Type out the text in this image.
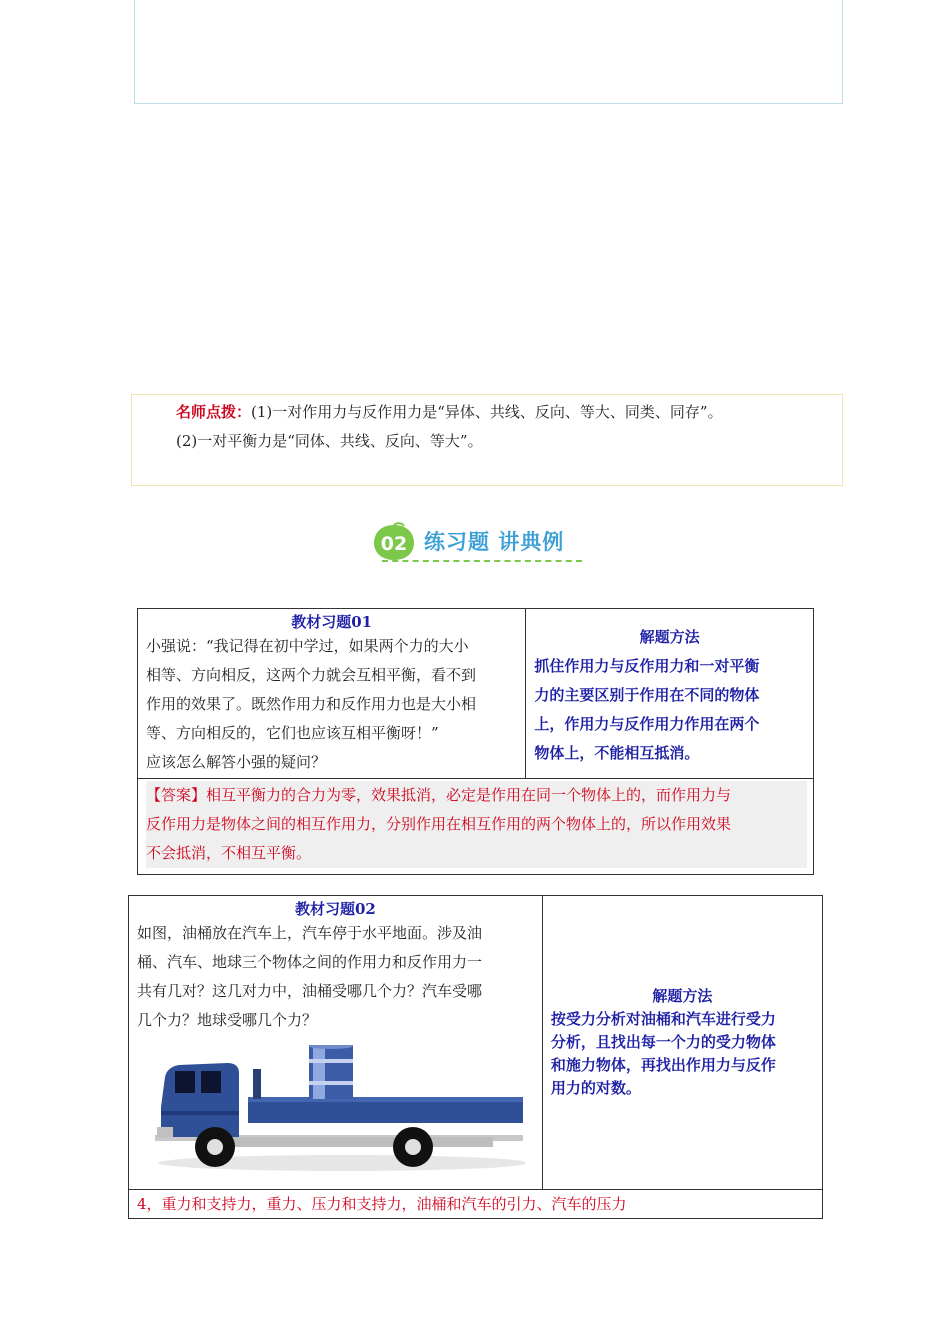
名师点拨：(1)一对作用力与反作用力是“异体、共线、反向、等大、同类、同存”。
(2)一对平衡力是“同体、共线、反向、等大”。
02 练习题 讲典例
教材习题01
小强说：“我记得在初中学过，如果两个力的大小
相等、方向相反，这两个力就会互相平衡，看不到
作用的效果了。既然作用力和反作用力也是大小相
等、方向相反的，它们也应该互相平衡呀！”
应该怎么解答小强的疑问？

解题方法
抓住作用力与反作用力和一对平衡
力的主要区别于作用在不同的物体
上，作用力与反作用力作用在两个
物体上，不能相互抵消。

【答案】相互平衡力的合力为零，效果抵消，必定是作用在同一个物体上的，而作用力与
反作用力是物体之间的相互作用力，分别作用在相互作用的两个物体上的，所以作用效果
不会抵消，不相互平衡。
教材习题02
如图，油桶放在汽车上，汽车停于水平地面。涉及油
桶、汽车、地球三个物体之间的作用力和反作用力一
共有几对？这几对力中，油桶受哪几个力？汽车受哪
几个力？地球受哪几个力？

解题方法
按受力分析对油桶和汽车进行受力
分析，且找出每一个力的受力物体
和施力物体，再找出作用力与反作
用力的对数。

4，重力和支持力，重力、压力和支持力，油桶和汽车的引力、汽车的压力
